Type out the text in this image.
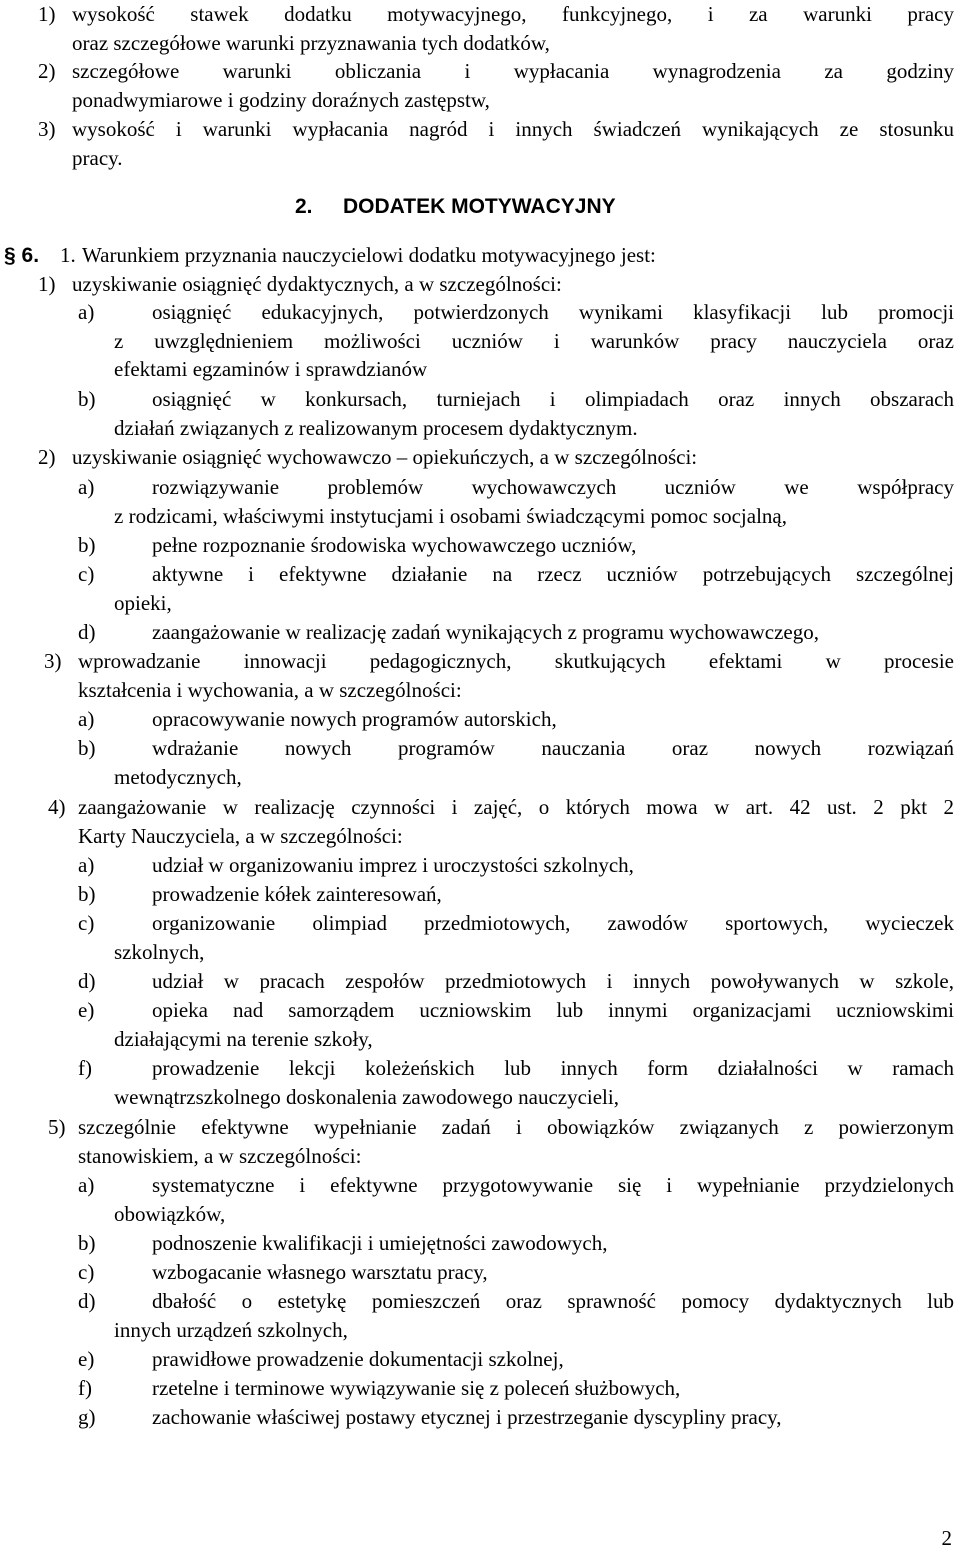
1) wysokość stawek dodatku motywacyjnego, funkcyjnego, i za warunki pracy
oraz szczegółowe warunki przyznawania tych dodatków,
2) szczegółowe warunki obliczania i wypłacania wynagrodzenia za godziny
ponadwymiarowe i godziny doraźnych zastępstw,
3) wysokość i warunki wypłacania nagród i innych świadczeń wynikających ze stosunku
pracy.
2. DODATEK MOTYWACYJNY
§ 6. 1. Warunkiem przyznania nauczycielowi dodatku motywacyjnego jest:
1) uzyskiwanie osiągnięć dydaktycznych, a w szczególności:
a)	osiągnięć edukacyjnych, potwierdzonych wynikami klasyfikacji lub promocji
z uwzględnieniem możliwości uczniów i warunków pracy nauczyciela oraz
efektami egzaminów i sprawdzianów
b)	osiągnięć w konkursach, turniejach i olimpiadach oraz innych obszarach
działań związanych z realizowanym procesem dydaktycznym.
2) uzyskiwanie osiągnięć wychowawczo – opiekuńczych, a w szczególności:
a)	rozwiązywanie problemów wychowawczych uczniów we współpracy
z rodzicami, właściwymi instytucjami i osobami świadczącymi pomoc socjalną,
b)	pełne rozpoznanie środowiska wychowawczego uczniów,
c)	aktywne i efektywne działanie na rzecz uczniów potrzebujących szczególnej
opieki,
d)	zaangażowanie w realizację zadań wynikających z programu wychowawczego,
3) wprowadzanie innowacji pedagogicznych, skutkujących efektami w procesie
kształcenia i wychowania, a w szczególności:
a)	opracowywanie nowych programów autorskich,
b)	wdrażanie nowych programów nauczania oraz nowych rozwiązań
metodycznych,
4) zaangażowanie w realizację czynności i zajęć, o których mowa w art. 42 ust. 2 pkt 2
Karty Nauczyciela, a w szczególności:
a)	udział w organizowaniu imprez i uroczystości szkolnych,
b)	prowadzenie kółek zainteresowań,
c)	organizowanie olimpiad przedmiotowych, zawodów sportowych, wycieczek
szkolnych,
d)	udział w pracach zespołów przedmiotowych i innych powoływanych w szkole,
e)	opieka nad samorządem uczniowskim lub innymi organizacjami uczniowskimi
działającymi na terenie szkoły,
f)	prowadzenie lekcji koleżeńskich lub innych form działalności w ramach
wewnątrzszkolnego doskonalenia zawodowego nauczycieli,
5) szczególnie efektywne wypełnianie zadań i obowiązków związanych z powierzonym
stanowiskiem, a w szczególności:
a)	systematyczne i efektywne przygotowywanie się i wypełnianie przydzielonych
obowiązków,
b)	podnoszenie kwalifikacji i umiejętności zawodowych,
c)	wzbogacanie własnego warsztatu pracy,
d)	dbałość o estetykę pomieszczeń oraz sprawność pomocy dydaktycznych lub
innych urządzeń szkolnych,
e)	prawidłowe prowadzenie dokumentacji szkolnej,
f)	rzetelne i terminowe wywiązywanie się z poleceń służbowych,
g)	zachowanie właściwej postawy etycznej i przestrzeganie dyscypliny pracy,
2
